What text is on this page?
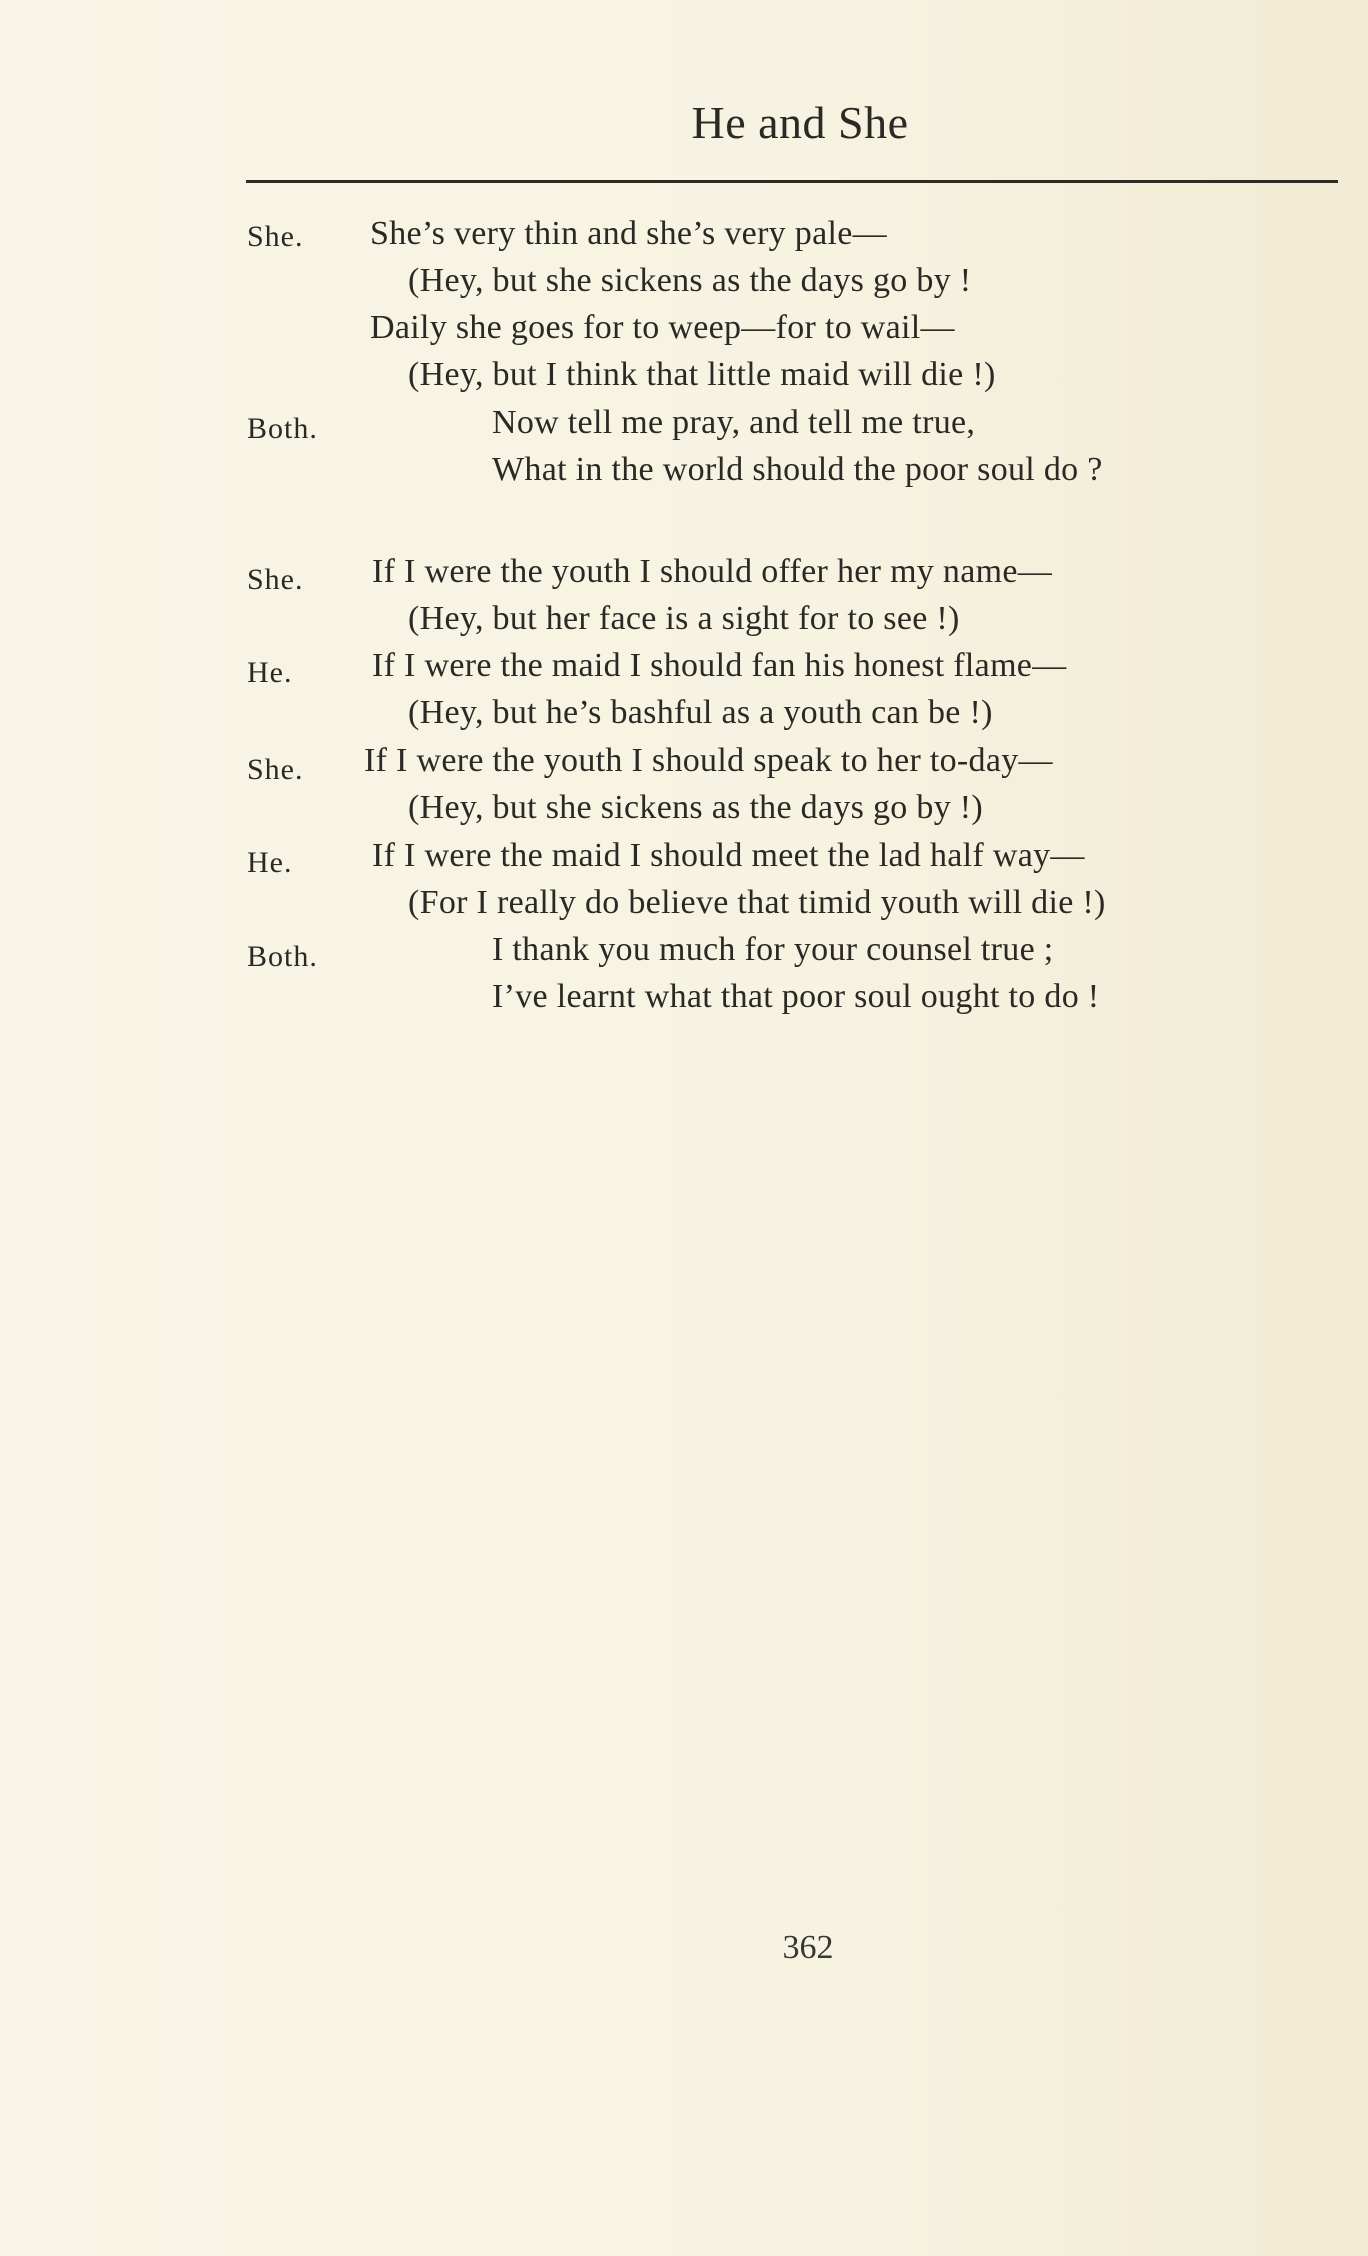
He and She
She. She’s very thin and she’s very pale—
(Hey, but she sickens as the days go by !
Daily she goes for to weep—for to wail—
(Hey, but I think that little maid will die !)
Both.	Now tell me pray, and tell me true,
What in the world should the poor soul do ?
She. If I were the youth I should offer her my name—
(Hey, but her face is a sight for to see !)
He. If I were the maid I should fan his honest flame—
(Hey, but he’s bashful as a youth can be !)
She. If I were the youth I should speak to her to-day—
(Hey, but she sickens as the days go by !)
He. If I were the maid I should meet the lad half way—
(For I really do believe that timid youth will die !)
Both.	I thank you much for your counsel true ;
I’ve learnt what that poor soul ought to do !
362
